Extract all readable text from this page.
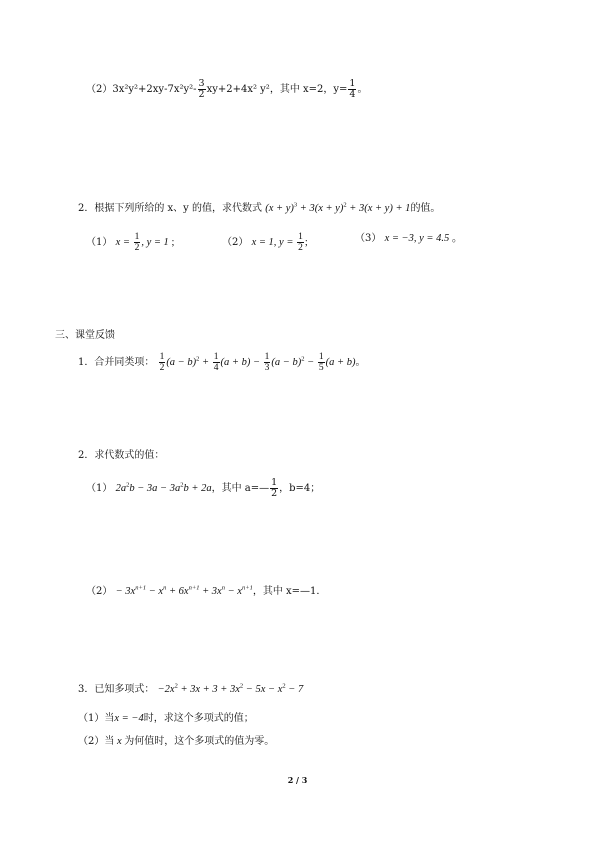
$(2)3x^2y^2+2xy-7x^2y^2- \frac{3}{2} xy+2+4x^2$ y²，其中 x=2，$y= \frac{1}{4}$ 。
2．根据下列所给的 x、y 的值，求代数式 $(x + y)^3 + 3(x + y)^2 + 3(x + y) + 1$的值。
（1） $x = \frac{1}{2}$ , y = 1 ;	（2） x = 1, $y = \frac{1}{2}$ ;	（3） x = −3, y = 4.5 。
三、课堂反馈
1．合并同类项： $\frac{1}{2} (a - b)^2 + \frac{1}{4} (a + b) - \frac{1}{3} (a - b)^2 - \frac{1}{5} (a + b)$。
2．求代数式的值：
（1） $2a^2b - 3a - 3a^2b + 2a$，其中 a=— $\frac{1}{2}$ ，b=4；
$(2) - 3x^{n+1} - x^n + 6x^{n+1} + 3x^n - x^{n+1}$，其中 x=—1．
3．已知多项式： $-2x^2 + 3x + 3 + 3x^2 - 5x - x^2 - 7$
（1）当x = −4时，求这个多项式的值；
（2）当 x 为何值时，这个多项式的值为零。
2 / 3
